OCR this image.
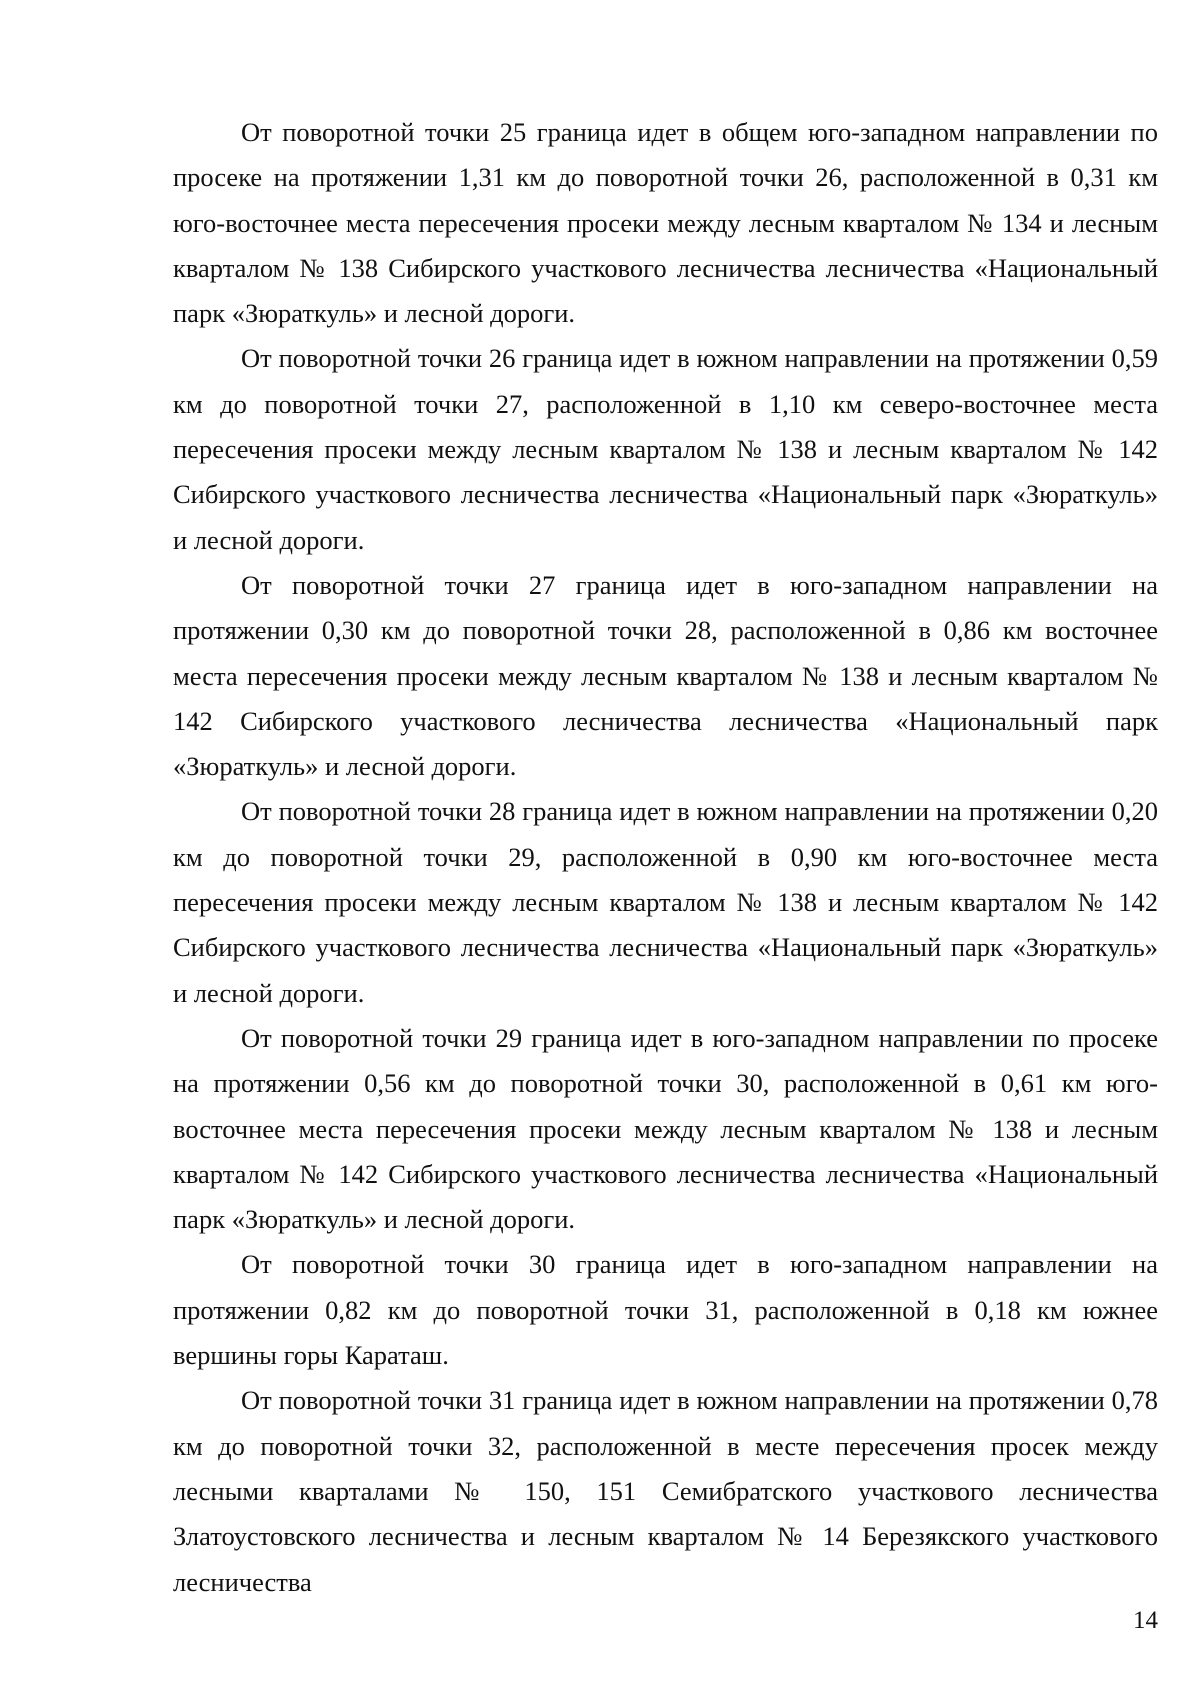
От поворотной точки 25 граница идет в общем юго-западном направлении по просеке на протяжении 1,31 км до поворотной точки 26, расположенной в 0,31 км юго-восточнее места пересечения просеки между лесным кварталом № 134 и лесным кварталом № 138 Сибирского участкового лесничества лесничества «Национальный парк «Зюраткуль» и лесной дороги.

От поворотной точки 26 граница идет в южном направлении на протяжении 0,59 км до поворотной точки 27, расположенной в 1,10 км северо-восточнее места пересечения просеки между лесным кварталом № 138 и лесным кварталом № 142 Сибирского участкового лесничества лесничества «Национальный парк «Зюраткуль» и лесной дороги.

От поворотной точки 27 граница идет в юго-западном направлении на протяжении 0,30 км до поворотной точки 28, расположенной в 0,86 км восточнее места пересечения просеки между лесным кварталом № 138 и лесным кварталом № 142 Сибирского участкового лесничества лесничества «Национальный парк «Зюраткуль» и лесной дороги.

От поворотной точки 28 граница идет в южном направлении на протяжении 0,20 км до поворотной точки 29, расположенной в 0,90 км юго-восточнее места пересечения просеки между лесным кварталом № 138 и лесным кварталом № 142 Сибирского участкового лесничества лесничества «Национальный парк «Зюраткуль» и лесной дороги.

От поворотной точки 29 граница идет в юго-западном направлении по просеке на протяжении 0,56 км до поворотной точки 30, расположенной в 0,61 км юго-восточнее места пересечения просеки между лесным кварталом № 138 и лесным кварталом № 142 Сибирского участкового лесничества лесничества «Национальный парк «Зюраткуль» и лесной дороги.

От поворотной точки 30 граница идет в юго-западном направлении на протяжении 0,82 км до поворотной точки 31, расположенной в 0,18 км южнее вершины горы Караташ.

От поворотной точки 31 граница идет в южном направлении на протяжении 0,78 км до поворотной точки 32, расположенной в месте пересечения просек между лесными кварталами № 150, 151 Семибратского участкового лесничества Златоустовского лесничества и лесным кварталом № 14 Березякского участкового лесничества

14
